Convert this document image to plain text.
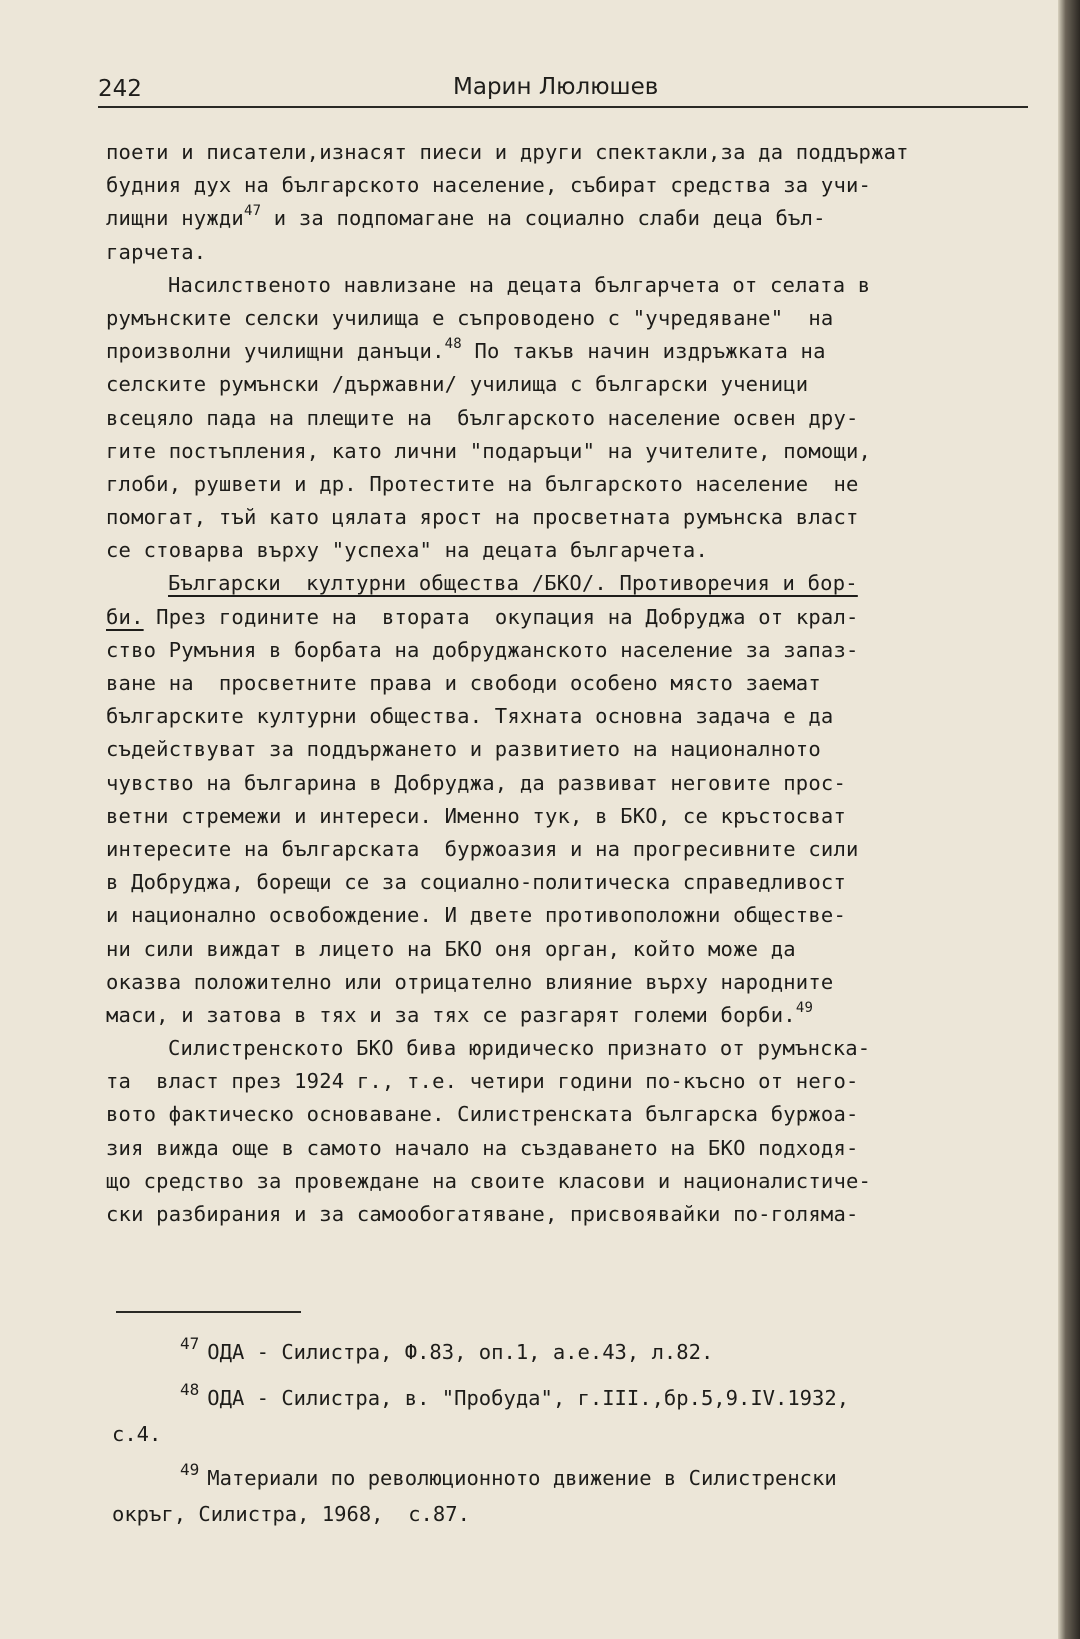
242	Марин Люлюшев
поети и писатели,изнасят пиеси и други спектакли,за да поддържат
будния дух на българското население, събират средства за учи-
лищни нужди$^{47}$ и за подпомагане на социално слаби деца бъл-
гарчета.
Насилственото навлизане на децата българчета от селата в
румънските селски училища е съпроводено с "учредяване"  на
произволни училищни данъци.$^{48}$ По такъв начин издръжката на
селските румънски /държавни/ училища с български ученици
всецяло пада на плещите на  българското население освен дру-
гите постъпления, като лични "подаръци" на учителите, помощи,
глоби, рушвети и др. Протестите на българското население  не
помогат, тъй като цялата ярост на просветната румънска власт
се стоварва върху "успеха" на децата българчета.
Български  културни общества /БКО/. Противоречия и бор-
би. През годините на  втората  окупация на Добруджа от крал-
ство Румъния в борбата на добруджанското население за запаз-
ване на  просветните права и свободи особено място заемат
българските културни общества. Тяхната основна задача е да
съдействуват за поддържането и развитието на националното
чувство на българина в Добруджа, да развиват неговите прос-
ветни стремежи и интереси. Именно тук, в БКО, се кръстосват
интересите на българската  буржоазия и на прогресивните сили
в Добруджа, борещи се за социално-политическа справедливост
и национално освобождение. И двете противоположни обществе-
ни сили виждат в лицето на БКО оня орган, който може да
оказва положително или отрицателно влияние върху народните
маси, и затова в тях и за тях се разгарят големи борби.$^{49}$
Силистренското БКО бива юридическо признато от румънска-
та  власт през 1924 г., т.е. четири години по-късно от него-
вото фактическо основаване. Силистренската българска буржоа-
зия вижда още в самото начало на създаването на БКО подходя-
що средство за провеждане на своите класови и националистиче-
ски разбирания и за самообогатяване, присвоявайки по-голяма-
$^{47}$ ОДА - Силистра, Ф.83, оп.1, а.е.43, л.82.
$^{48}$ ОДА - Силистра, в. "Пробуда", г.III.,бр.5,9.IV.1932,
с.4.
$^{49}$ Материали по революционното движение в Силистренски
окръг, Силистра, 1968,  с.87.
